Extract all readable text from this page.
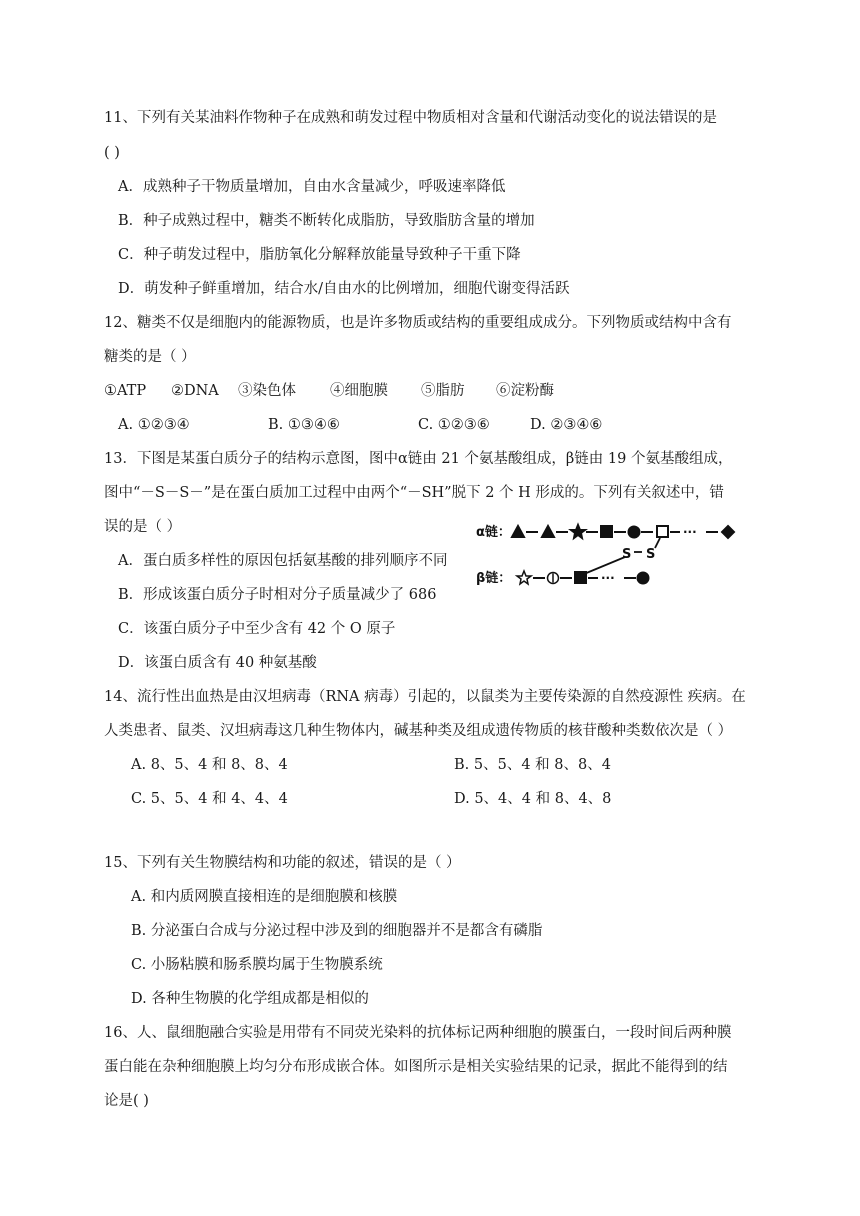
11、下列有关某油料作物种子在成熟和萌发过程中物质相对含量和代谢活动变化的说法错误的是
( )
A．成熟种子干物质量增加，自由水含量减少，呼吸速率降低
B．种子成熟过程中，糖类不断转化成脂肪，导致脂肪含量的增加
C．种子萌发过程中，脂肪氧化分解释放能量导致种子干重下降
D．萌发种子鲜重增加，结合水/自由水的比例增加，细胞代谢变得活跃
12、糖类不仅是细胞内的能源物质，也是许多物质或结构的重要组成成分。下列物质或结构中含有
糖类的是（ ）
①ATP ②DNA ③染色体 ④细胞膜 ⑤脂肪 ⑥淀粉酶
A. ①②③④	B. ①③④⑥	C. ①②③⑥	D. ②③④⑥
13．下图是某蛋白质分子的结构示意图，图中α链由 21 个氨基酸组成，β链由 19 个氨基酸组成，
图中“－S－S－”是在蛋白质加工过程中由两个“－SH”脱下 2 个 H 形成的。下列有关叙述中，错
误的是（ ）
A．蛋白质多样性的原因包括氨基酸的排列顺序不同
B．形成该蛋白质分子时相对分子质量减少了 686
C．该蛋白质分子中至少含有 42 个 O 原子
D．该蛋白质含有 40 种氨基酸
α链：	···
S S
β链：	···
14、流行性出血热是由汉坦病毒（RNA 病毒）引起的，以鼠类为主要传染源的自然疫源性 疾病。在
人类患者、鼠类、汉坦病毒这几种生物体内，碱基种类及组成遗传物质的核苷酸种类数依次是（ ）
A. 8、5、4 和 8、8、4	B. 5、5、4 和 8、8、4
C. 5、5、4 和 4、4、4	D. 5、4、4 和 8、4、8
15、下列有关生物膜结构和功能的叙述，错误的是（ ）
A. 和内质网膜直接相连的是细胞膜和核膜
B. 分泌蛋白合成与分泌过程中涉及到的细胞器并不是都含有磷脂
C. 小肠粘膜和肠系膜均属于生物膜系统
D. 各种生物膜的化学组成都是相似的
16、人、鼠细胞融合实验是用带有不同荧光染料的抗体标记两种细胞的膜蛋白，一段时间后两种膜
蛋白能在杂种细胞膜上均匀分布形成嵌合体。如图所示是相关实验结果的记录，据此不能得到的结
论是( )
